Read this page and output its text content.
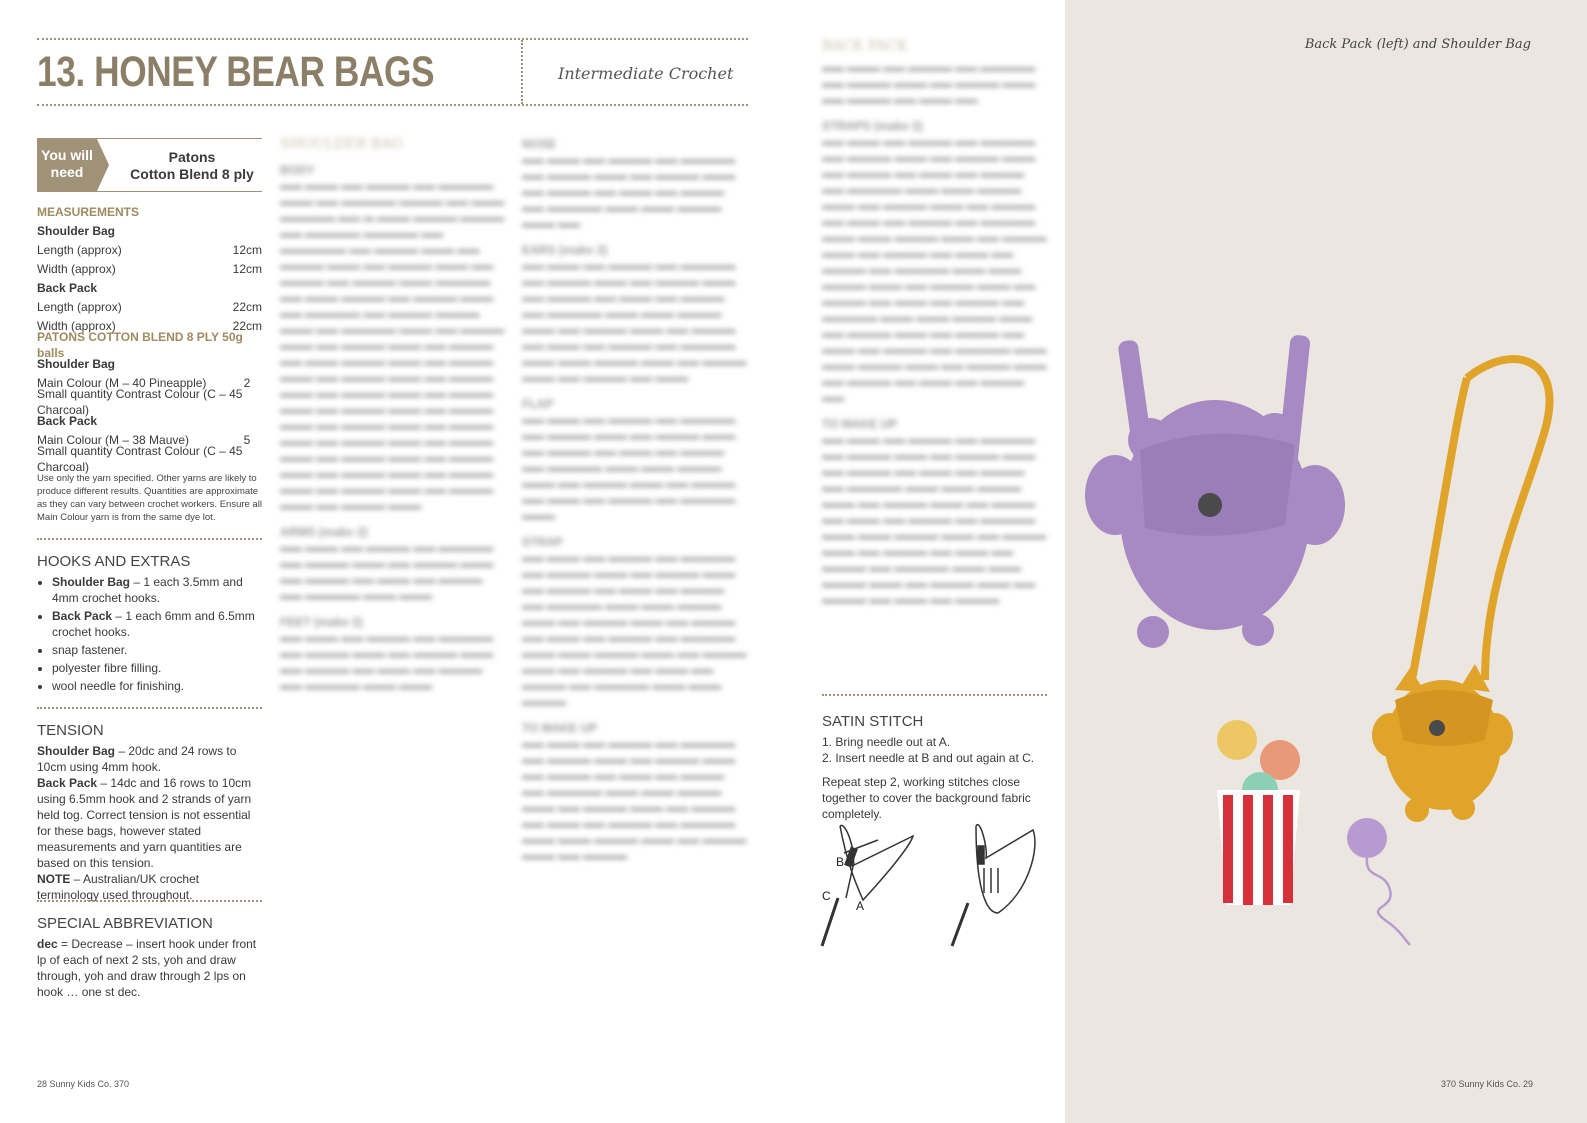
13. HONEY BEAR BAGS	Intermediate Crochet
You will need
Patons
Cotton Blend 8 ply
MEASUREMENTS
Shoulder Bag
Length (approx)	12cm
Width (approx)	12cm
Back Pack
Length (approx)	22cm
Width (approx)	22cm
PATONS COTTON BLEND 8 PLY 50g balls
Shoulder Bag
Main Colour (M – 40 Pineapple)	2
Small quantity Contrast Colour (C – 45 Charcoal)
Back Pack
Main Colour (M – 38 Mauve)	5
Small quantity Contrast Colour (C – 45 Charcoal)
Use only the yarn specified. Other yarns are likely to produce different results. Quantities are approximate as they can vary between crochet workers. Ensure all Main Colour yarn is from the same dye lot.
HOOKS AND EXTRAS
• Shoulder Bag – 1 each 3.5mm and 4mm crochet hooks.
• Back Pack – 1 each 6mm and 6.5mm crochet hooks.
• snap fastener.
• polyester fibre filling.
• wool needle for finishing.
TENSION
Shoulder Bag – 20dc and 24 rows to 10cm using 4mm hook.
Back Pack – 14dc and 16 rows to 10cm using 6.5mm hook and 2 strands of yarn held tog. Correct tension is not essential for these bags, however stated measurements and yarn quantities are based on this tension.
NOTE – Australian/UK crochet terminology used throughout.
SPECIAL ABBREVIATION
dec = Decrease – insert hook under front lp of each of next 2 sts, yoh and draw through, yoh and draw through 2 lps on hook … one st dec.
SHOULDER BAG
BODY
▬▬ ▬▬▬ ▬▬ ▬▬▬▬ ▬▬ ▬▬▬▬▬ ▬▬▬ ▬▬ ▬▬▬▬▬ ▬▬▬▬ ▬▬ ▬▬▬ ▬▬▬▬▬ ▬▬ ▬ ▬▬▬ ▬▬▬▬ ▬▬▬▬ ▬▬ ▬▬▬▬▬ ▬▬▬▬▬ ▬▬ ▬▬▬▬▬▬ ▬▬ ▬▬▬▬ ▬▬▬ ▬▬ ▬▬▬▬ ▬▬▬ ▬▬ ▬▬▬▬ ▬▬▬ ▬▬ ▬▬▬▬ ▬▬ ▬▬▬▬ ▬▬▬ ▬▬▬▬▬ ▬▬ ▬▬▬ ▬▬▬▬ ▬▬ ▬▬▬▬ ▬▬▬ ▬▬ ▬▬▬▬▬ ▬▬ ▬▬▬▬ ▬▬▬▬ ▬▬▬ ▬▬ ▬▬▬▬▬ ▬▬▬ ▬▬ ▬▬▬▬ ▬▬▬ ▬▬ ▬▬▬▬ ▬▬▬ ▬▬ ▬▬▬▬ ▬▬ ▬▬▬ ▬▬▬▬ ▬▬▬ ▬▬ ▬▬▬▬ ▬▬▬ ▬▬ ▬▬▬▬ ▬▬▬ ▬▬ ▬▬▬▬ ▬▬▬ ▬▬ ▬▬▬▬ ▬▬▬ ▬▬ ▬▬▬▬ ▬▬▬ ▬▬ ▬▬▬▬ ▬▬▬ ▬▬ ▬▬▬▬ ▬▬▬ ▬▬ ▬▬▬▬ ▬▬▬ ▬▬ ▬▬▬▬ ▬▬▬ ▬▬ ▬▬▬▬ ▬▬▬ ▬▬ ▬▬▬▬ ▬▬▬ ▬▬ ▬▬▬▬ ▬▬▬ ▬▬ ▬▬▬▬ ▬▬▬ ▬▬ ▬▬▬▬ ▬▬▬ ▬▬ ▬▬▬▬ ▬▬▬ ▬▬ ▬▬▬▬ ▬▬▬ ▬▬ ▬▬▬▬ ▬▬▬ ▬▬ ▬▬▬▬ ▬▬▬
ARMS (make 2)
▬▬ ▬▬▬ ▬▬ ▬▬▬▬ ▬▬ ▬▬▬▬▬ ▬▬ ▬▬▬▬ ▬▬▬ ▬▬ ▬▬▬▬ ▬▬▬ ▬▬ ▬▬▬▬ ▬▬ ▬▬▬ ▬▬ ▬▬▬▬ ▬▬ ▬▬▬▬▬ ▬▬▬ ▬▬▬
FEET (make 2)
▬▬ ▬▬▬ ▬▬ ▬▬▬▬ ▬▬ ▬▬▬▬▬ ▬▬ ▬▬▬▬ ▬▬▬ ▬▬ ▬▬▬▬ ▬▬▬ ▬▬ ▬▬▬▬ ▬▬ ▬▬▬ ▬▬ ▬▬▬▬ ▬▬ ▬▬▬▬▬ ▬▬▬ ▬▬▬
NOSE
▬▬ ▬▬▬ ▬▬ ▬▬▬▬ ▬▬ ▬▬▬▬▬ ▬▬ ▬▬▬▬ ▬▬▬ ▬▬ ▬▬▬▬ ▬▬▬ ▬▬ ▬▬▬▬ ▬▬ ▬▬▬ ▬▬ ▬▬▬▬ ▬▬ ▬▬▬▬▬ ▬▬▬ ▬▬▬ ▬▬▬▬ ▬▬▬ ▬▬
EARS (make 2)
▬▬ ▬▬▬ ▬▬ ▬▬▬▬ ▬▬ ▬▬▬▬▬ ▬▬ ▬▬▬▬ ▬▬▬ ▬▬ ▬▬▬▬ ▬▬▬ ▬▬ ▬▬▬▬ ▬▬ ▬▬▬ ▬▬ ▬▬▬▬ ▬▬ ▬▬▬▬▬ ▬▬▬ ▬▬▬ ▬▬▬▬ ▬▬▬ ▬▬ ▬▬▬▬ ▬▬▬ ▬▬ ▬▬▬▬ ▬▬ ▬▬▬ ▬▬ ▬▬▬▬ ▬▬ ▬▬▬▬▬ ▬▬▬ ▬▬▬ ▬▬▬▬ ▬▬▬ ▬▬ ▬▬▬▬ ▬▬▬ ▬▬ ▬▬▬▬ ▬▬ ▬▬▬
FLAP
▬▬ ▬▬▬ ▬▬ ▬▬▬▬ ▬▬ ▬▬▬▬▬ ▬▬ ▬▬▬▬ ▬▬▬ ▬▬ ▬▬▬▬ ▬▬▬ ▬▬ ▬▬▬▬ ▬▬ ▬▬▬ ▬▬ ▬▬▬▬ ▬▬ ▬▬▬▬▬ ▬▬▬ ▬▬▬ ▬▬▬▬ ▬▬▬ ▬▬ ▬▬▬▬ ▬▬▬ ▬▬ ▬▬▬▬ ▬▬ ▬▬▬ ▬▬ ▬▬▬▬ ▬▬ ▬▬▬▬▬ ▬▬▬
STRAP
▬▬ ▬▬▬ ▬▬ ▬▬▬▬ ▬▬ ▬▬▬▬▬ ▬▬ ▬▬▬▬ ▬▬▬ ▬▬ ▬▬▬▬ ▬▬▬ ▬▬ ▬▬▬▬ ▬▬ ▬▬▬ ▬▬ ▬▬▬▬ ▬▬ ▬▬▬▬▬ ▬▬▬ ▬▬▬ ▬▬▬▬ ▬▬▬ ▬▬ ▬▬▬▬ ▬▬▬ ▬▬ ▬▬▬▬ ▬▬ ▬▬▬ ▬▬ ▬▬▬▬ ▬▬ ▬▬▬▬▬ ▬▬▬ ▬▬▬ ▬▬▬▬ ▬▬▬ ▬▬ ▬▬▬▬ ▬▬▬ ▬▬ ▬▬▬▬ ▬▬ ▬▬▬ ▬▬ ▬▬▬▬ ▬▬ ▬▬▬▬▬ ▬▬▬ ▬▬▬ ▬▬▬▬
TO MAKE UP
▬▬ ▬▬▬ ▬▬ ▬▬▬▬ ▬▬ ▬▬▬▬▬ ▬▬ ▬▬▬▬ ▬▬▬ ▬▬ ▬▬▬▬ ▬▬▬ ▬▬ ▬▬▬▬ ▬▬ ▬▬▬ ▬▬ ▬▬▬▬ ▬▬ ▬▬▬▬▬ ▬▬▬ ▬▬▬ ▬▬▬▬ ▬▬▬ ▬▬ ▬▬▬▬ ▬▬▬ ▬▬ ▬▬▬▬ ▬▬ ▬▬▬ ▬▬ ▬▬▬▬ ▬▬ ▬▬▬▬▬ ▬▬▬ ▬▬▬ ▬▬▬▬ ▬▬▬ ▬▬ ▬▬▬▬ ▬▬▬ ▬▬ ▬▬▬▬
BACK PACK
▬▬ ▬▬▬ ▬▬ ▬▬▬▬ ▬▬ ▬▬▬▬▬ ▬▬ ▬▬▬▬ ▬▬▬ ▬▬ ▬▬▬▬ ▬▬▬ ▬▬ ▬▬▬▬ ▬▬ ▬▬▬ ▬▬
STRAPS (make 2)
▬▬ ▬▬▬ ▬▬ ▬▬▬▬ ▬▬ ▬▬▬▬▬ ▬▬ ▬▬▬▬ ▬▬▬ ▬▬ ▬▬▬▬ ▬▬▬ ▬▬ ▬▬▬▬ ▬▬ ▬▬▬ ▬▬ ▬▬▬▬ ▬▬ ▬▬▬▬▬ ▬▬▬ ▬▬▬ ▬▬▬▬ ▬▬▬ ▬▬ ▬▬▬▬ ▬▬▬ ▬▬ ▬▬▬▬ ▬▬ ▬▬▬ ▬▬ ▬▬▬▬ ▬▬ ▬▬▬▬▬ ▬▬▬ ▬▬▬ ▬▬▬▬ ▬▬▬ ▬▬ ▬▬▬▬ ▬▬▬ ▬▬ ▬▬▬▬ ▬▬ ▬▬▬ ▬▬ ▬▬▬▬ ▬▬ ▬▬▬▬▬ ▬▬▬ ▬▬▬ ▬▬▬▬ ▬▬▬ ▬▬ ▬▬▬▬ ▬▬▬ ▬▬ ▬▬▬▬ ▬▬ ▬▬▬ ▬▬ ▬▬▬▬ ▬▬ ▬▬▬▬▬ ▬▬▬ ▬▬▬ ▬▬▬▬ ▬▬▬ ▬▬ ▬▬▬▬ ▬▬▬ ▬▬ ▬▬▬▬ ▬▬ ▬▬▬ ▬▬ ▬▬▬▬ ▬▬ ▬▬▬▬▬ ▬▬▬ ▬▬▬ ▬▬▬▬ ▬▬▬ ▬▬ ▬▬▬▬ ▬▬▬ ▬▬ ▬▬▬▬ ▬▬ ▬▬▬ ▬▬ ▬▬▬▬ ▬▬
TO MAKE UP
▬▬ ▬▬▬ ▬▬ ▬▬▬▬ ▬▬ ▬▬▬▬▬ ▬▬ ▬▬▬▬ ▬▬▬ ▬▬ ▬▬▬▬ ▬▬▬ ▬▬ ▬▬▬▬ ▬▬ ▬▬▬ ▬▬ ▬▬▬▬ ▬▬ ▬▬▬▬▬ ▬▬▬ ▬▬▬ ▬▬▬▬ ▬▬▬ ▬▬ ▬▬▬▬ ▬▬▬ ▬▬ ▬▬▬▬ ▬▬ ▬▬▬ ▬▬ ▬▬▬▬ ▬▬ ▬▬▬▬▬ ▬▬▬ ▬▬▬ ▬▬▬▬ ▬▬▬ ▬▬ ▬▬▬▬ ▬▬▬ ▬▬ ▬▬▬▬ ▬▬ ▬▬▬ ▬▬ ▬▬▬▬ ▬▬ ▬▬▬▬▬ ▬▬▬ ▬▬▬ ▬▬▬▬ ▬▬▬ ▬▬ ▬▬▬▬ ▬▬▬ ▬▬ ▬▬▬▬ ▬▬ ▬▬▬ ▬▬ ▬▬▬▬
SATIN STITCH
1. Bring needle out at A.
2. Insert needle at B and out again at C.
Repeat step 2, working stitches close together to cover the background fabric completely.
B
C
A
Back Pack (left) and Shoulder Bag
28 Sunny Kids Co. 370	370 Sunny Kids Co. 29
